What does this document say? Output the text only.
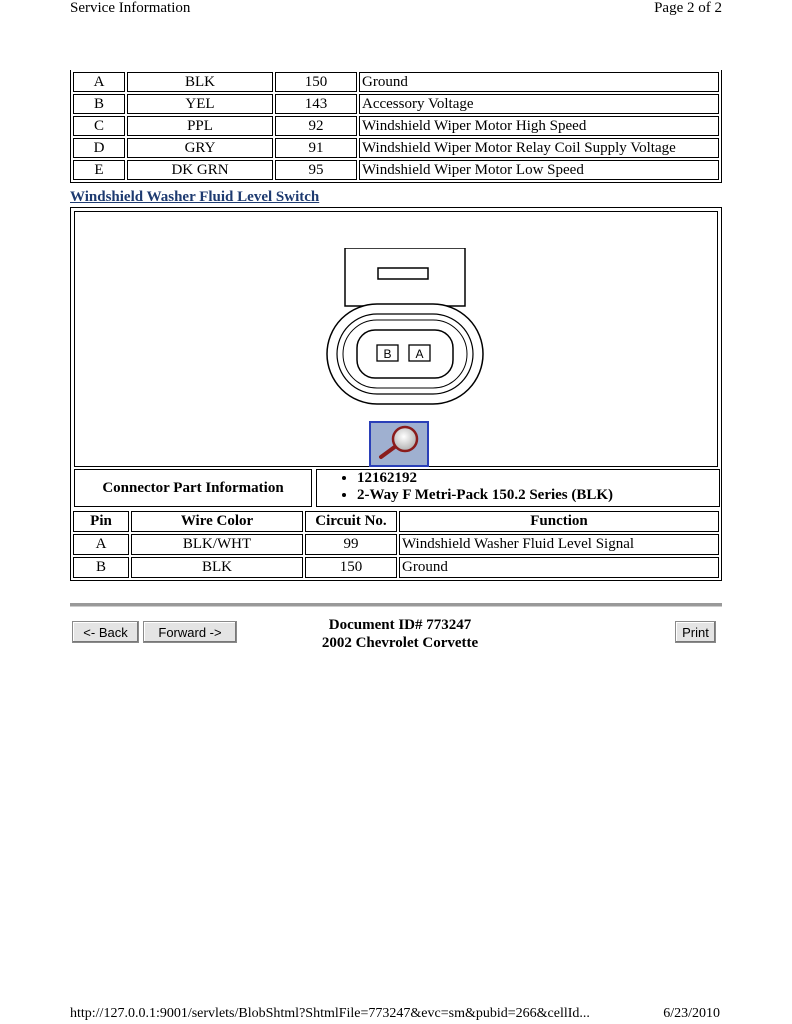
Service Information	Page 2 of 2
A	BLK	150	Ground
B	YEL	143	Accessory Voltage
C	PPL	92	Windshield Wiper Motor High Speed
D	GRY	91	Windshield Wiper Motor Relay Coil Supply Voltage
E	DK GRN	95	Windshield Wiper Motor Low Speed
Windshield Washer Fluid Level Switch
B A
Connector Part Information
• 12162192
• 2-Way F Metri-Pack 150.2 Series (BLK)
Pin	Wire Color	Circuit No.	Function
A	BLK/WHT	99	Windshield Washer Fluid Level Signal
B	BLK	150	Ground
<- Back	Forward ->	Document ID# 773247
2002 Chevrolet Corvette
Print
http://127.0.0.1:9001/servlets/BlobShtml?ShtmlFile=773247&evc=sm&pubid=266&cellId...	6/23/2010
